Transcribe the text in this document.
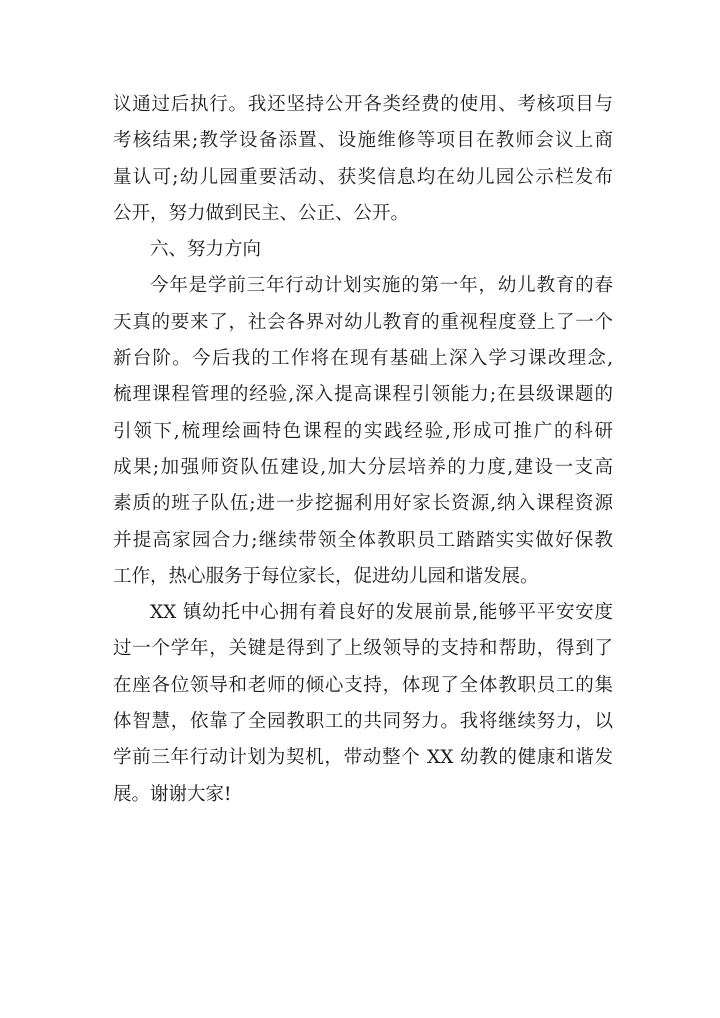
议通过后执行。我还坚持公开各类经费的使用、考核项目与
考核结果;教学设备添置、设施维修等项目在教师会议上商
量认可;幼儿园重要活动、获奖信息均在幼儿园公示栏发布
公开，努力做到民主、公正、公开。
六、努力方向
今年是学前三年行动计划实施的第一年，幼儿教育的春
天真的要来了，社会各界对幼儿教育的重视程度登上了一个
新台阶。今后我的工作将在现有基础上深入学习课改理念,
梳理课程管理的经验,深入提高课程引领能力;在县级课题的
引领下,梳理绘画特色课程的实践经验,形成可推广的科研
成果;加强师资队伍建设,加大分层培养的力度,建设一支高
素质的班子队伍;进一步挖掘利用好家长资源,纳入课程资源
并提高家园合力;继续带领全体教职员工踏踏实实做好保教
工作，热心服务于每位家长，促进幼儿园和谐发展。
XX 镇幼托中心拥有着良好的发展前景,能够平平安安度
过一个学年，关键是得到了上级领导的支持和帮助，得到了
在座各位领导和老师的倾心支持，体现了全体教职员工的集
体智慧，依靠了全园教职工的共同努力。我将继续努力，以
学前三年行动计划为契机，带动整个 XX 幼教的健康和谐发
展。谢谢大家!
